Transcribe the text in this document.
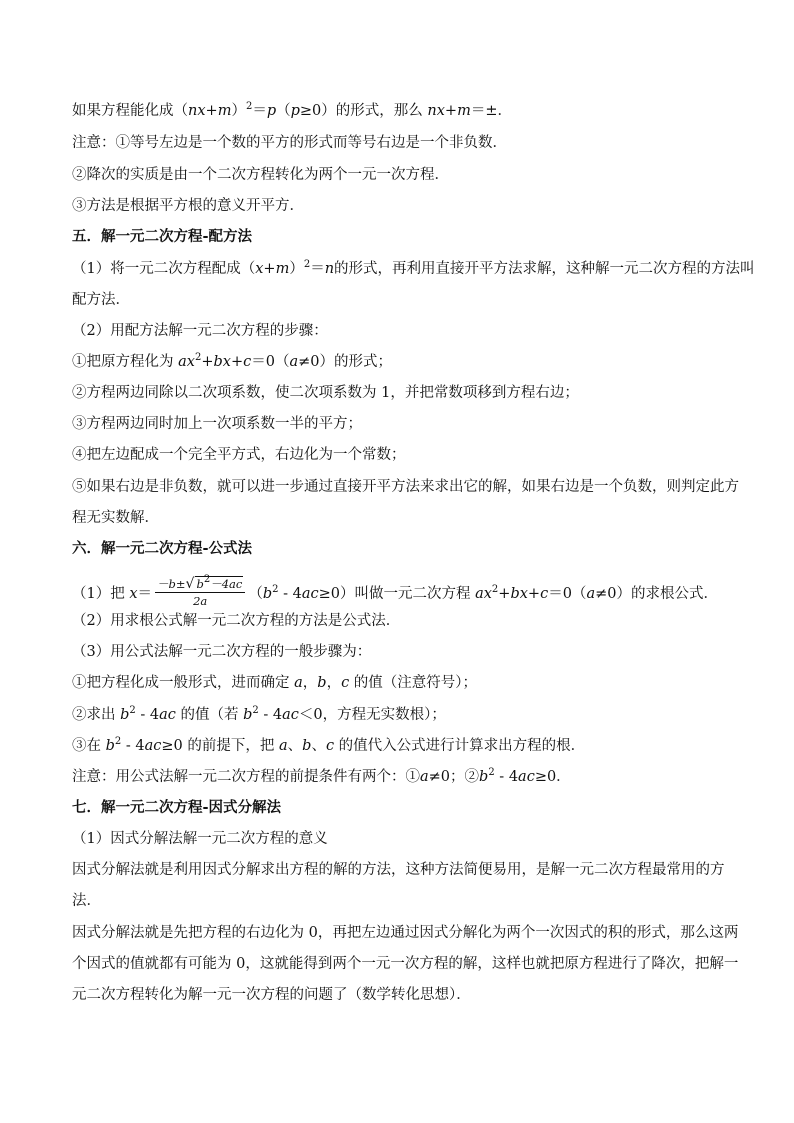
如果方程能化成$(nx+m)^2=p(p\ge 0)$的形式，那么 nx+m＝±．
注意：①等号左边是一个数的平方的形式而等号右边是一个非负数．
②降次的实质是由一个二次方程转化为两个一元一次方程．
③方法是根据平方根的意义开平方．
五．解一元二次方程-配方法
（1）将一元二次方程配成$(x+m)^2=n$的形式，再利用直接开平方法求解，这种解一元二次方程的方法叫
配方法．
（2）用配方法解一元二次方程的步骤：
①把原方程化为 $ax^2+bx+c=0(a\ne 0)$的形式；
②方程两边同除以二次项系数，使二次项系数为 1，并把常数项移到方程右边；
③方程两边同时加上一次项系数一半的平方；
④把左边配成一个完全平方式，右边化为一个常数；
⑤如果右边是非负数，就可以进一步通过直接开平方法来求出它的解，如果右边是一个负数，则判定此方
程无实数解．
六．解一元二次方程-公式法
（1）把 $x= \frac{-b\pm√ b^2-4ac}{2a} (b^2 - 4ac\ge 0)$叫做一元二次方程 $ax^2+bx+c=0(a\ne 0)$的求根公式．
（2）用求根公式解一元二次方程的方法是公式法．
（3）用公式法解一元二次方程的一般步骤为：
①把方程化成一般形式，进而确定 a，b，c 的值（注意符号）；
②求出 $b^2 - 4ac$ 的值（若 $b^2 - 4ac<0$，方程无实数根）；
③在 $b^2 - 4ac\ge 0$ 的前提下，把 a、b、c 的值代入公式进行计算求出方程的根．
注意：用公式法解一元二次方程的前提条件有两个：①a≠0；$②b^2 - 4ac\ge 0$．
七．解一元二次方程-因式分解法
（1）因式分解法解一元二次方程的意义
因式分解法就是利用因式分解求出方程的解的方法，这种方法简便易用，是解一元二次方程最常用的方
法．
因式分解法就是先把方程的右边化为 0，再把左边通过因式分解化为两个一次因式的积的形式，那么这两
个因式的值就都有可能为 0，这就能得到两个一元一次方程的解，这样也就把原方程进行了降次，把解一
元二次方程转化为解一元一次方程的问题了（数学转化思想）．
